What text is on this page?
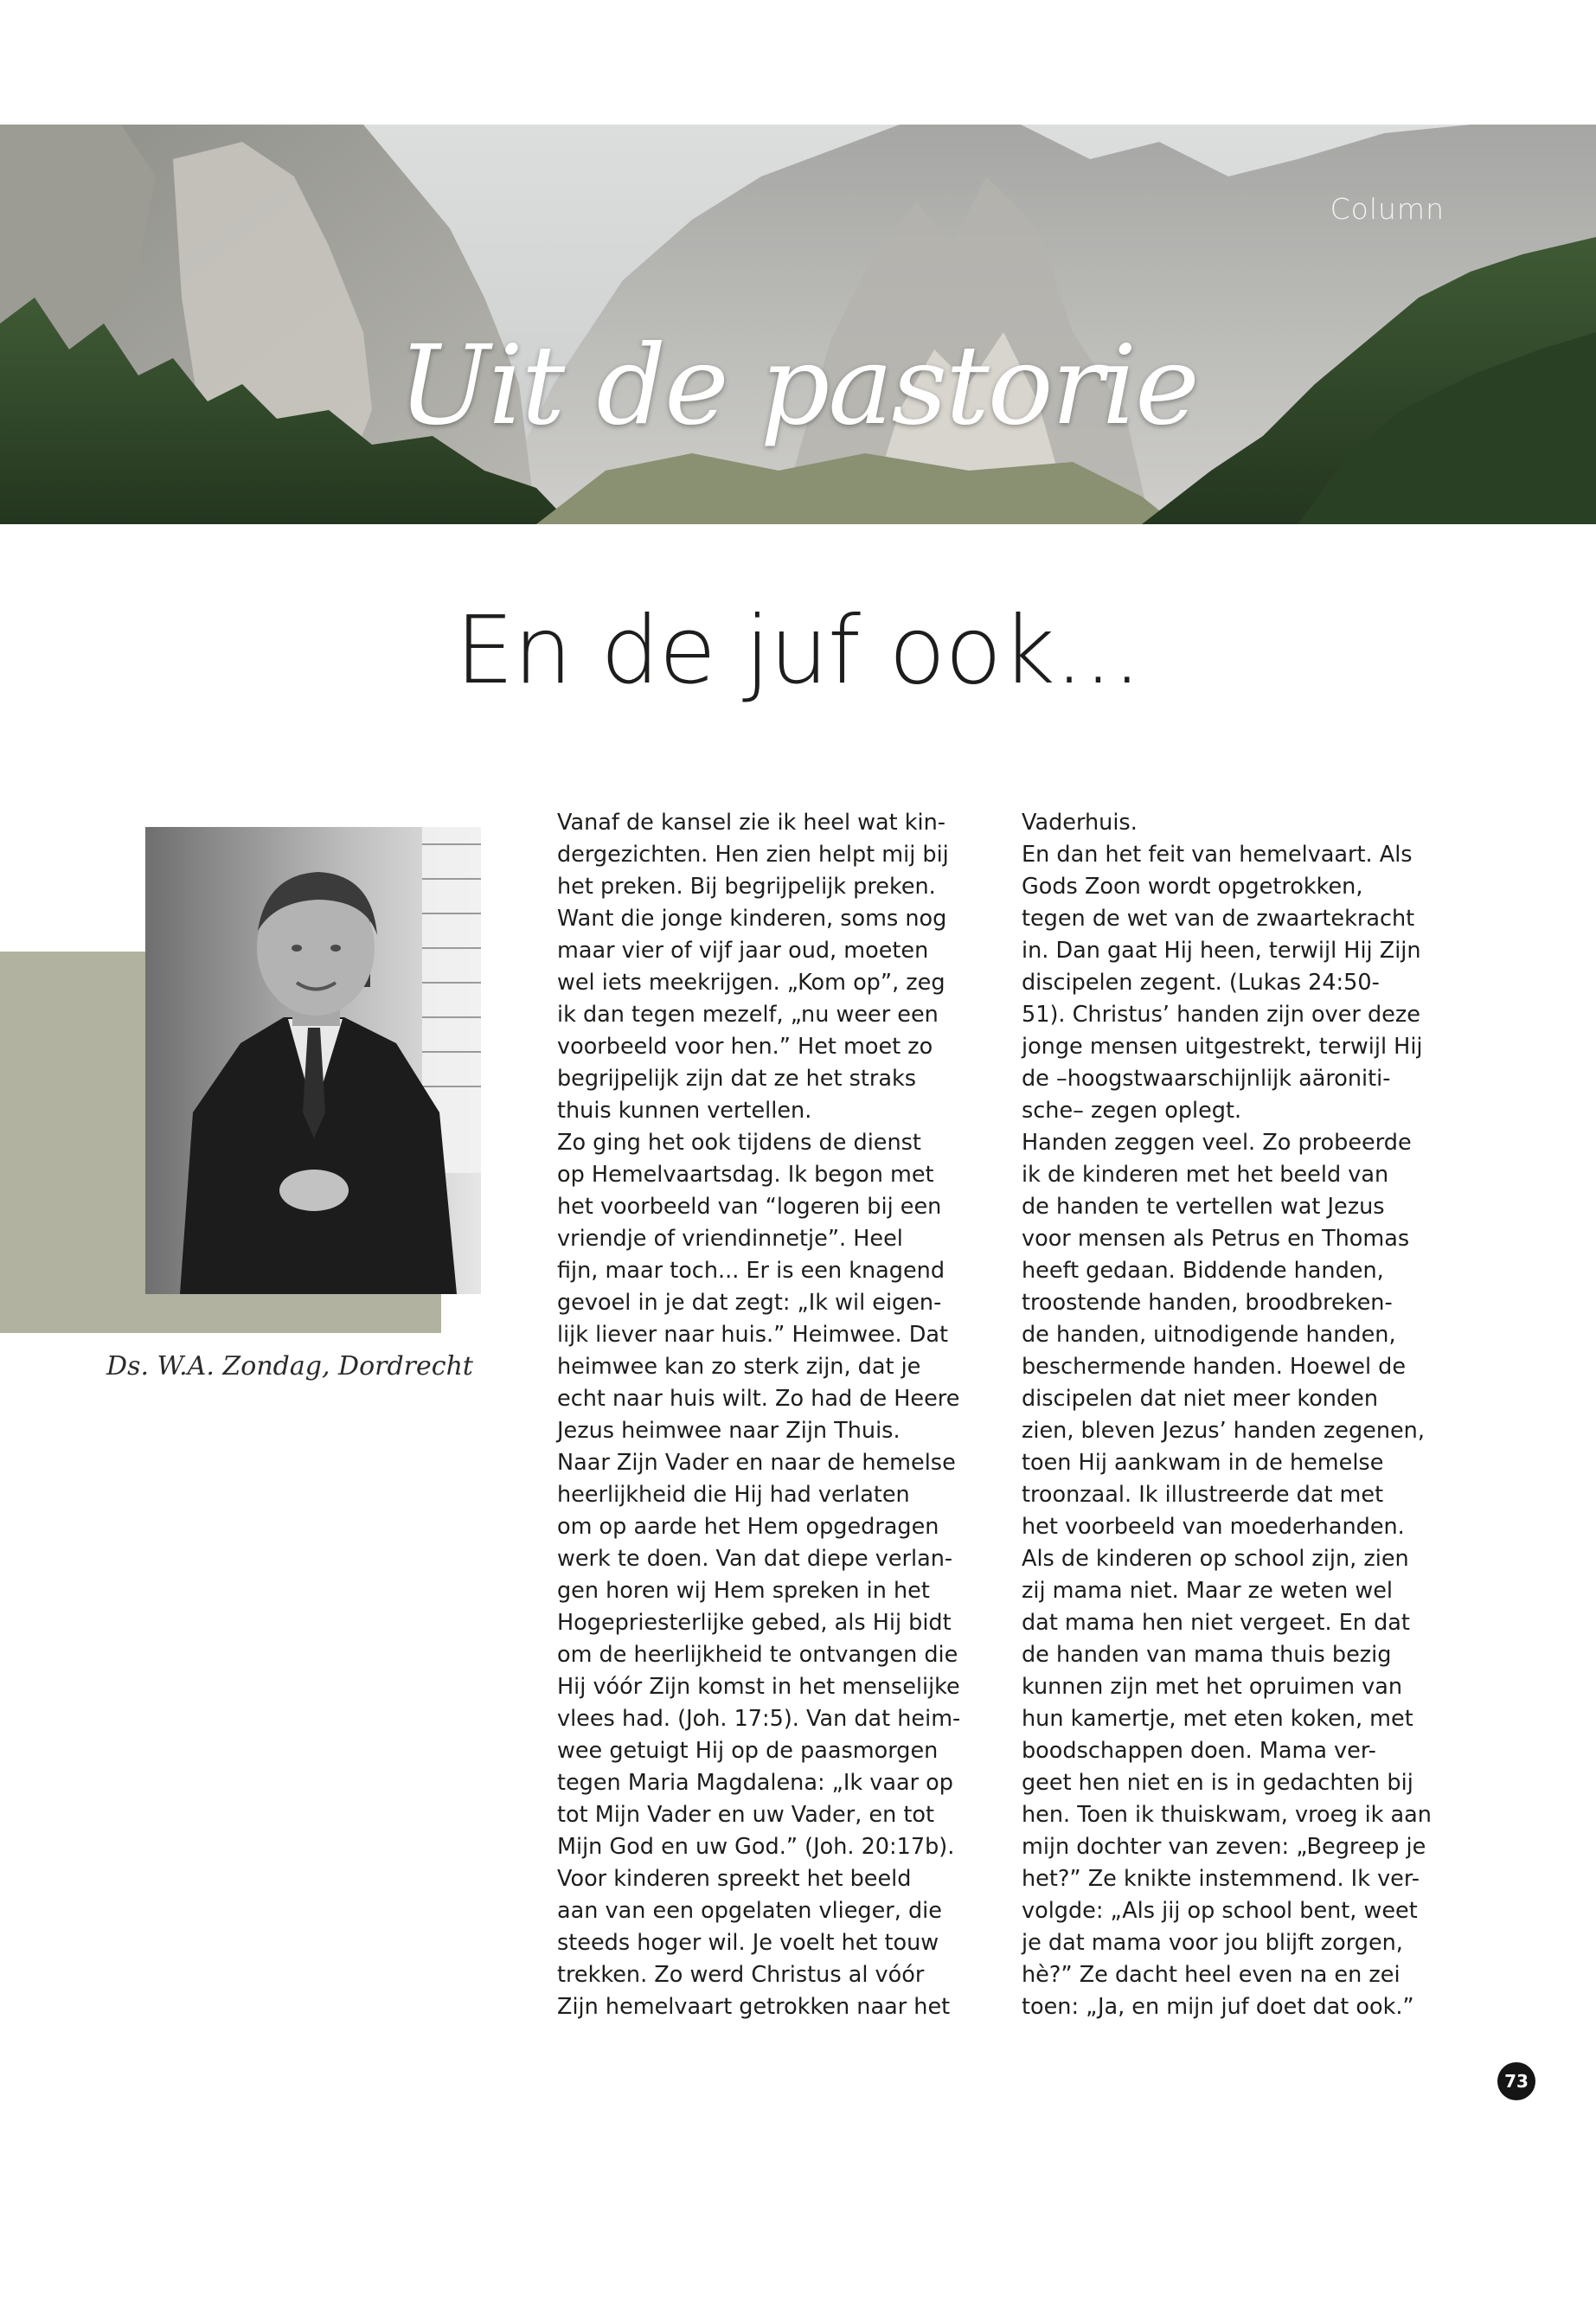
Column
Uit de pastorie
En de juf ook...
Ds. W.A. Zondag, Dordrecht
Vanaf de kansel zie ik heel wat kin-
dergezichten. Hen zien helpt mij bij
het preken. Bij begrijpelijk preken.
Want die jonge kinderen, soms nog
maar vier of vijf jaar oud, moeten
wel iets meekrijgen. „Kom op”, zeg
ik dan tegen mezelf, „nu weer een
voorbeeld voor hen.” Het moet zo
begrijpelijk zijn dat ze het straks
thuis kunnen vertellen.
Zo ging het ook tijdens de dienst
op Hemelvaartsdag. Ik begon met
het voorbeeld van “logeren bij een
vriendje of vriendinnetje”. Heel
fijn, maar toch... Er is een knagend
gevoel in je dat zegt: „Ik wil eigen-
lijk liever naar huis.” Heimwee. Dat
heimwee kan zo sterk zijn, dat je
echt naar huis wilt. Zo had de Heere
Jezus heimwee naar Zijn Thuis.
Naar Zijn Vader en naar de hemelse
heerlijkheid die Hij had verlaten
om op aarde het Hem opgedragen
werk te doen. Van dat diepe verlan-
gen horen wij Hem spreken in het
Hogepriesterlijke gebed, als Hij bidt
om de heerlijkheid te ontvangen die
Hij vóór Zijn komst in het menselijke
vlees had. (Joh. 17:5). Van dat heim-
wee getuigt Hij op de paasmorgen
tegen Maria Magdalena: „Ik vaar op
tot Mijn Vader en uw Vader, en tot
Mijn God en uw God.” (Joh. 20:17b).
Voor kinderen spreekt het beeld
aan van een opgelaten vlieger, die
steeds hoger wil. Je voelt het touw
trekken. Zo werd Christus al vóór
Zijn hemelvaart getrokken naar het
Vaderhuis.
En dan het feit van hemelvaart. Als
Gods Zoon wordt opgetrokken,
tegen de wet van de zwaartekracht
in. Dan gaat Hij heen, terwijl Hij Zijn
discipelen zegent. (Lukas 24:50-
51). Christus’ handen zijn over deze
jonge mensen uitgestrekt, terwijl Hij
de –hoogstwaarschijnlijk aäroniti-
sche– zegen oplegt.
Handen zeggen veel. Zo probeerde
ik de kinderen met het beeld van
de handen te vertellen wat Jezus
voor mensen als Petrus en Thomas
heeft gedaan. Biddende handen,
troostende handen, broodbreken-
de handen, uitnodigende handen,
beschermende handen. Hoewel de
discipelen dat niet meer konden
zien, bleven Jezus’ handen zegenen,
toen Hij aankwam in de hemelse
troonzaal. Ik illustreerde dat met
het voorbeeld van moederhanden.
Als de kinderen op school zijn, zien
zij mama niet. Maar ze weten wel
dat mama hen niet vergeet. En dat
de handen van mama thuis bezig
kunnen zijn met het opruimen van
hun kamertje, met eten koken, met
boodschappen doen. Mama ver-
geet hen niet en is in gedachten bij
hen. Toen ik thuiskwam, vroeg ik aan
mijn dochter van zeven: „Begreep je
het?” Ze knikte instemmend. Ik ver-
volgde: „Als jij op school bent, weet
je dat mama voor jou blijft zorgen,
hè?” Ze dacht heel even na en zei
toen: „Ja, en mijn juf doet dat ook.”
73
